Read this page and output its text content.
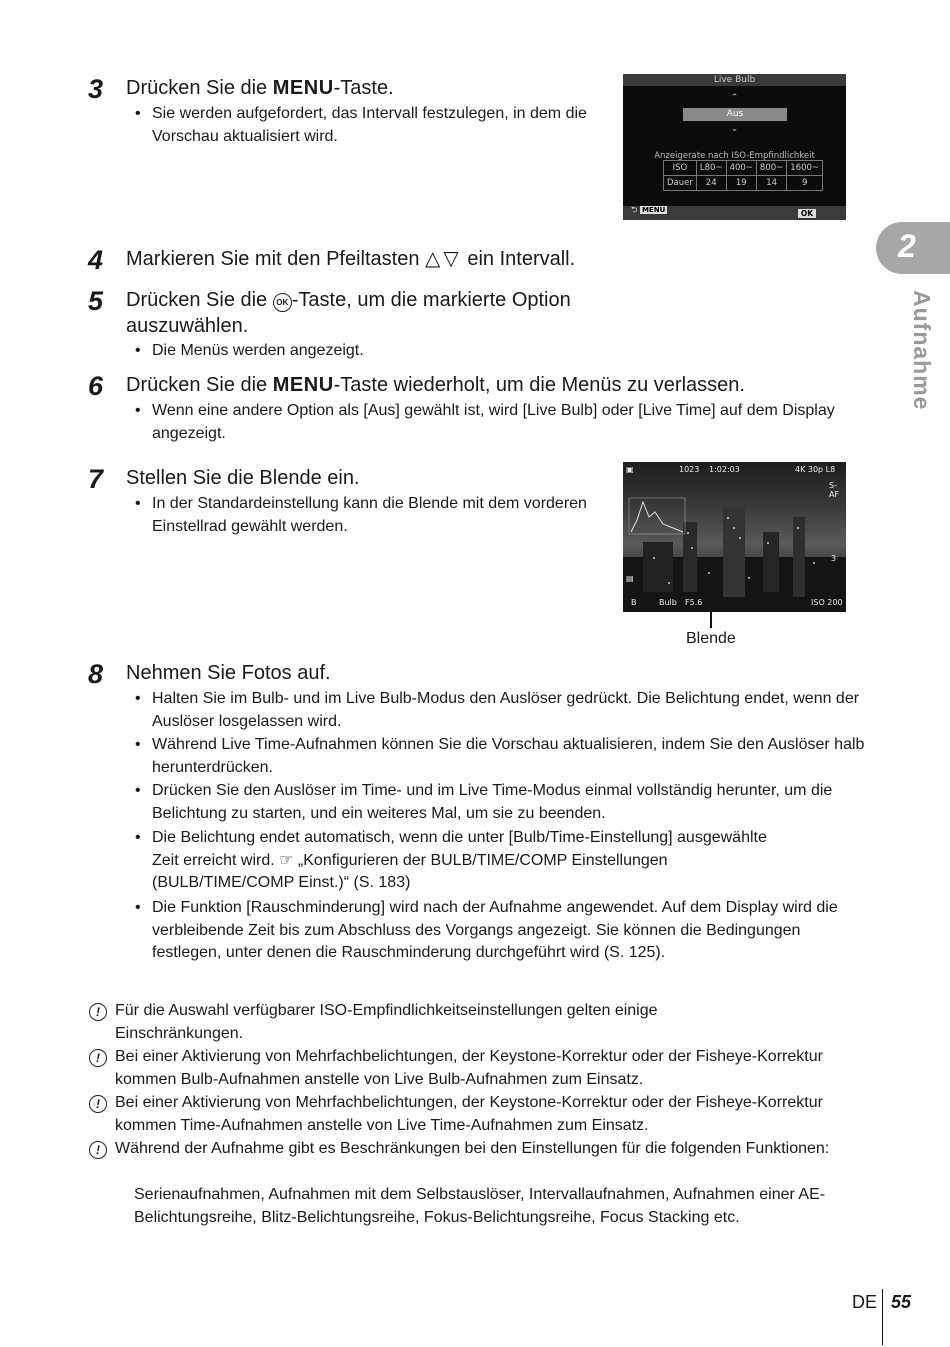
3	Drücken Sie die MENU-Taste.
• Sie werden aufgefordert, das Intervall festzulegen, in dem die Vorschau aktualisiert wird.
Live Bulb
⌃
Aus
⌄
Anzeigerate nach ISO-Empfindlichkeit
ISO	L80~	400~	800~	1600~
Dauer	24	19	14	9
⮌ MENU	OK
2
Aufnahme
4	Markieren Sie mit den Pfeiltasten △▽ ein Intervall.
5	Drücken Sie die OK -Taste, um die markierte Option auszuwählen.
• Die Menüs werden angezeigt.
6	Drücken Sie die MENU-Taste wiederholt, um die Menüs zu verlassen.
• Wenn eine andere Option als [Aus] gewählt ist, wird [Live Bulb] oder [Live Time] auf dem Display angezeigt.
7	Stellen Sie die Blende ein.
• In der Standardeinstellung kann die Blende mit dem vorderen Einstellrad gewählt werden.
▣	1023 1:02:03	4K 30p L8
S-AF
3
▤
B	Bulb F5.6	ISO 200
Blende
8	Nehmen Sie Fotos auf.
• Halten Sie im Bulb- und im Live Bulb-Modus den Auslöser gedrückt. Die Belichtung endet, wenn der Auslöser losgelassen wird.
• Während Live Time-Aufnahmen können Sie die Vorschau aktualisieren, indem Sie den Auslöser halb herunterdrücken.
• Drücken Sie den Auslöser im Time- und im Live Time-Modus einmal vollständig herunter, um die Belichtung zu starten, und ein weiteres Mal, um sie zu beenden.
• Die Belichtung endet automatisch, wenn die unter [Bulb/Time-Einstellung] ausgewählte Zeit erreicht wird. ☞ „Konfigurieren der BULB/TIME/COMP Einstellungen (BULB/TIME/COMP Einst.)“ (S. 183)
• Die Funktion [Rauschminderung] wird nach der Aufnahme angewendet. Auf dem Display wird die verbleibende Zeit bis zum Abschluss des Vorgangs angezeigt. Sie können die Bedingungen festlegen, unter denen die Rauschminderung durchgeführt wird (S. 125).
! Für die Auswahl verfügbarer ISO-Empfindlichkeitseinstellungen gelten einige Einschränkungen.
! Bei einer Aktivierung von Mehrfachbelichtungen, der Keystone-Korrektur oder der Fisheye-Korrektur kommen Bulb-Aufnahmen anstelle von Live Bulb-Aufnahmen zum Einsatz.
! Bei einer Aktivierung von Mehrfachbelichtungen, der Keystone-Korrektur oder der Fisheye-Korrektur kommen Time-Aufnahmen anstelle von Live Time-Aufnahmen zum Einsatz.
! Während der Aufnahme gibt es Beschränkungen bei den Einstellungen für die folgenden Funktionen:
Serienaufnahmen, Aufnahmen mit dem Selbstauslöser, Intervallaufnahmen, Aufnahmen einer AE-Belichtungsreihe, Blitz-Belichtungsreihe, Fokus-Belichtungsreihe, Focus Stacking etc.
DE 55
